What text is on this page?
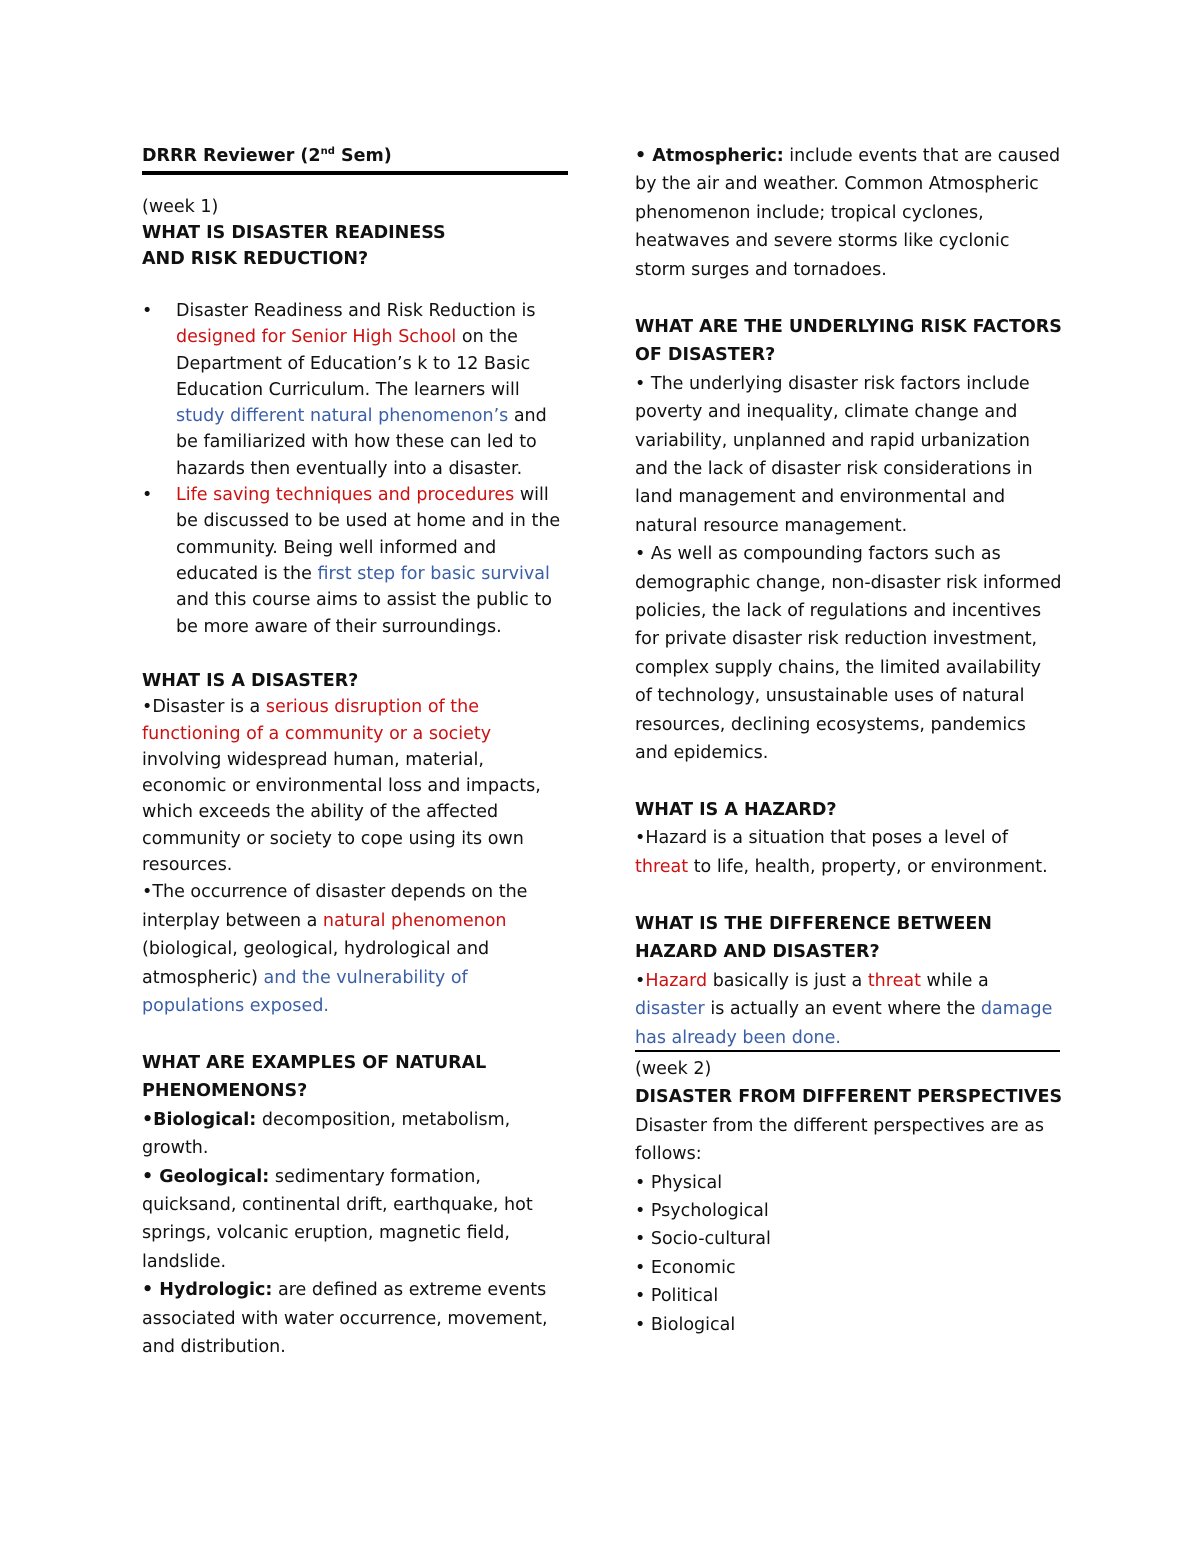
DRRR Reviewer (2nd Sem)

(week 1)

WHAT IS DISASTER READINESS

AND RISK REDUCTION?

• Disaster Readiness and Risk Reduction is designed for Senior High School on the Department of Education’s k to 12 Basic Education Curriculum. The learners will study different natural phenomenon’s and be familiarized with how these can led to hazards then eventually into a disaster.
• Life saving techniques and procedures will be discussed to be used at home and in the community. Being well informed and educated is the first step for basic survival and this course aims to assist the public to be more aware of their surroundings.

WHAT IS A DISASTER?

•Disaster is a serious disruption of the functioning of a community or a society involving widespread human, material, economic or environmental loss and impacts, which exceeds the ability of the affected community or society to cope using its own resources.

•The occurrence of disaster depends on the interplay between a natural phenomenon (biological, geological, hydrological and atmospheric) and the vulnerability of populations exposed.

WHAT ARE EXAMPLES OF NATURAL PHENOMENONS?

•Biological: decomposition, metabolism, growth.

• Geological: sedimentary formation, quicksand, continental drift, earthquake, hot springs, volcanic eruption, magnetic field, landslide.

• Hydrologic: are defined as extreme events associated with water occurrence, movement, and distribution.

• Atmospheric: include events that are caused by the air and weather. Common Atmospheric phenomenon include; tropical cyclones, heatwaves and severe storms like cyclonic storm surges and tornadoes.

WHAT ARE THE UNDERLYING RISK FACTORS OF DISASTER?

• The underlying disaster risk factors include poverty and inequality, climate change and variability, unplanned and rapid urbanization and the lack of disaster risk considerations in land management and environmental and natural resource management.

• As well as compounding factors such as demographic change, non-disaster risk informed policies, the lack of regulations and incentives for private disaster risk reduction investment, complex supply chains, the limited availability of technology, unsustainable uses of natural resources, declining ecosystems, pandemics and epidemics.

WHAT IS A HAZARD?

•Hazard is a situation that poses a level of threat to life, health, property, or environment.

WHAT IS THE DIFFERENCE BETWEEN HAZARD AND DISASTER?

•Hazard basically is just a threat while a disaster is actually an event where the damage has already been done.

(week 2)

DISASTER FROM DIFFERENT PERSPECTIVES

Disaster from the different perspectives are as follows:

• Physical

• Psychological

• Socio-cultural

• Economic

• Political

• Biological
